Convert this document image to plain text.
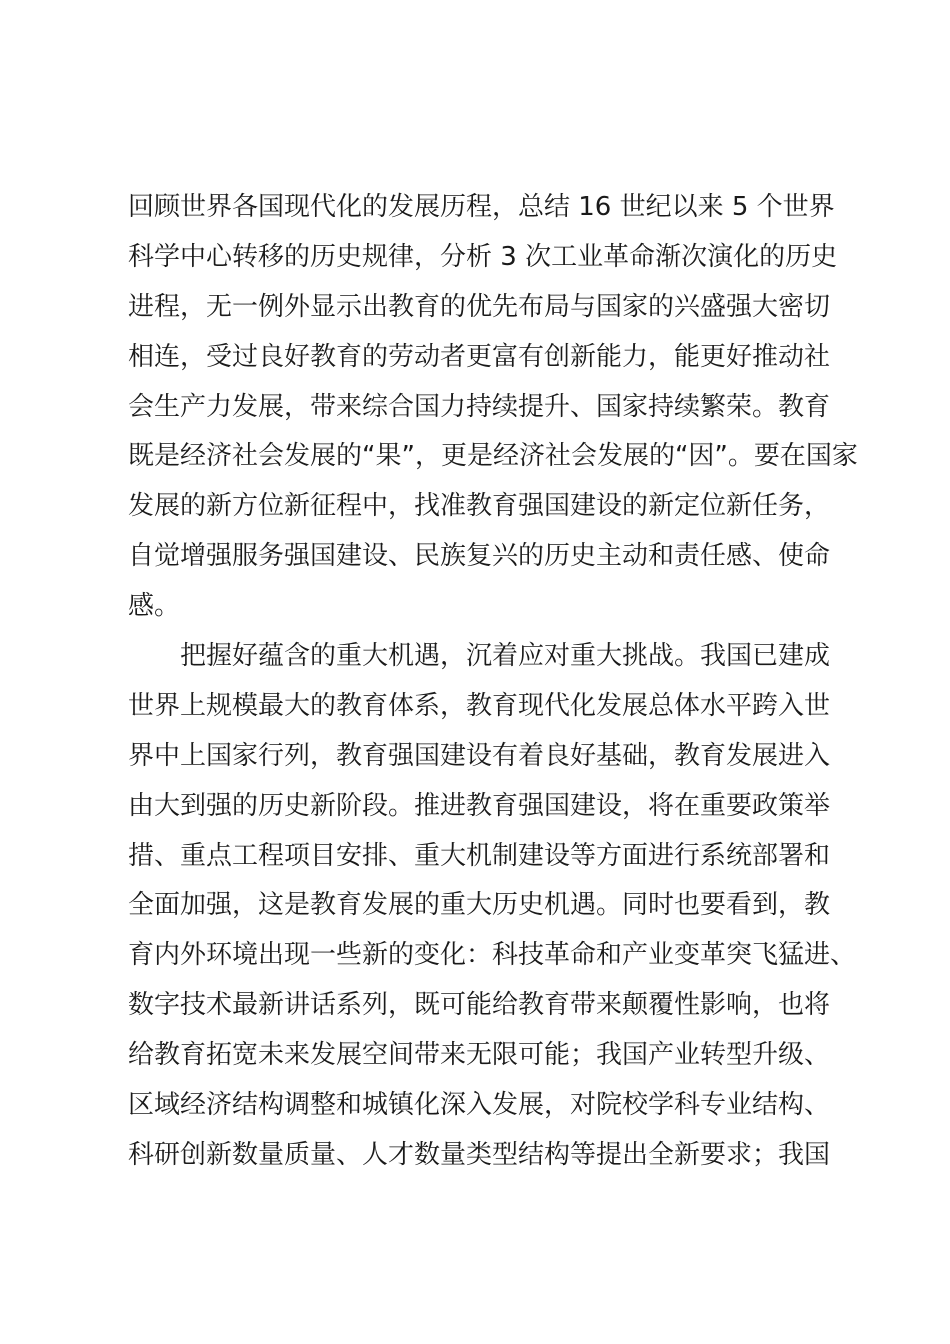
回顾世界各国现代化的发展历程，总结 16 世纪以来 5 个世界
科学中心转移的历史规律，分析 3 次工业革命渐次演化的历史
进程，无一例外显示出教育的优先布局与国家的兴盛强大密切
相连，受过良好教育的劳动者更富有创新能力，能更好推动社
会生产力发展，带来综合国力持续提升、国家持续繁荣。教育
既是经济社会发展的“果”，更是经济社会发展的“因”。要在国家
发展的新方位新征程中，找准教育强国建设的新定位新任务，
自觉增强服务强国建设、民族复兴的历史主动和责任感、使命
感。
把握好蕴含的重大机遇，沉着应对重大挑战。我国已建成
世界上规模最大的教育体系，教育现代化发展总体水平跨入世
界中上国家行列，教育强国建设有着良好基础，教育发展进入
由大到强的历史新阶段。推进教育强国建设，将在重要政策举
措、重点工程项目安排、重大机制建设等方面进行系统部署和
全面加强，这是教育发展的重大历史机遇。同时也要看到，教
育内外环境出现一些新的变化：科技革命和产业变革突飞猛进、
数字技术最新讲话系列，既可能给教育带来颠覆性影响，也将
给教育拓宽未来发展空间带来无限可能；我国产业转型升级、
区域经济结构调整和城镇化深入发展，对院校学科专业结构、
科研创新数量质量、人才数量类型结构等提出全新要求；我国
